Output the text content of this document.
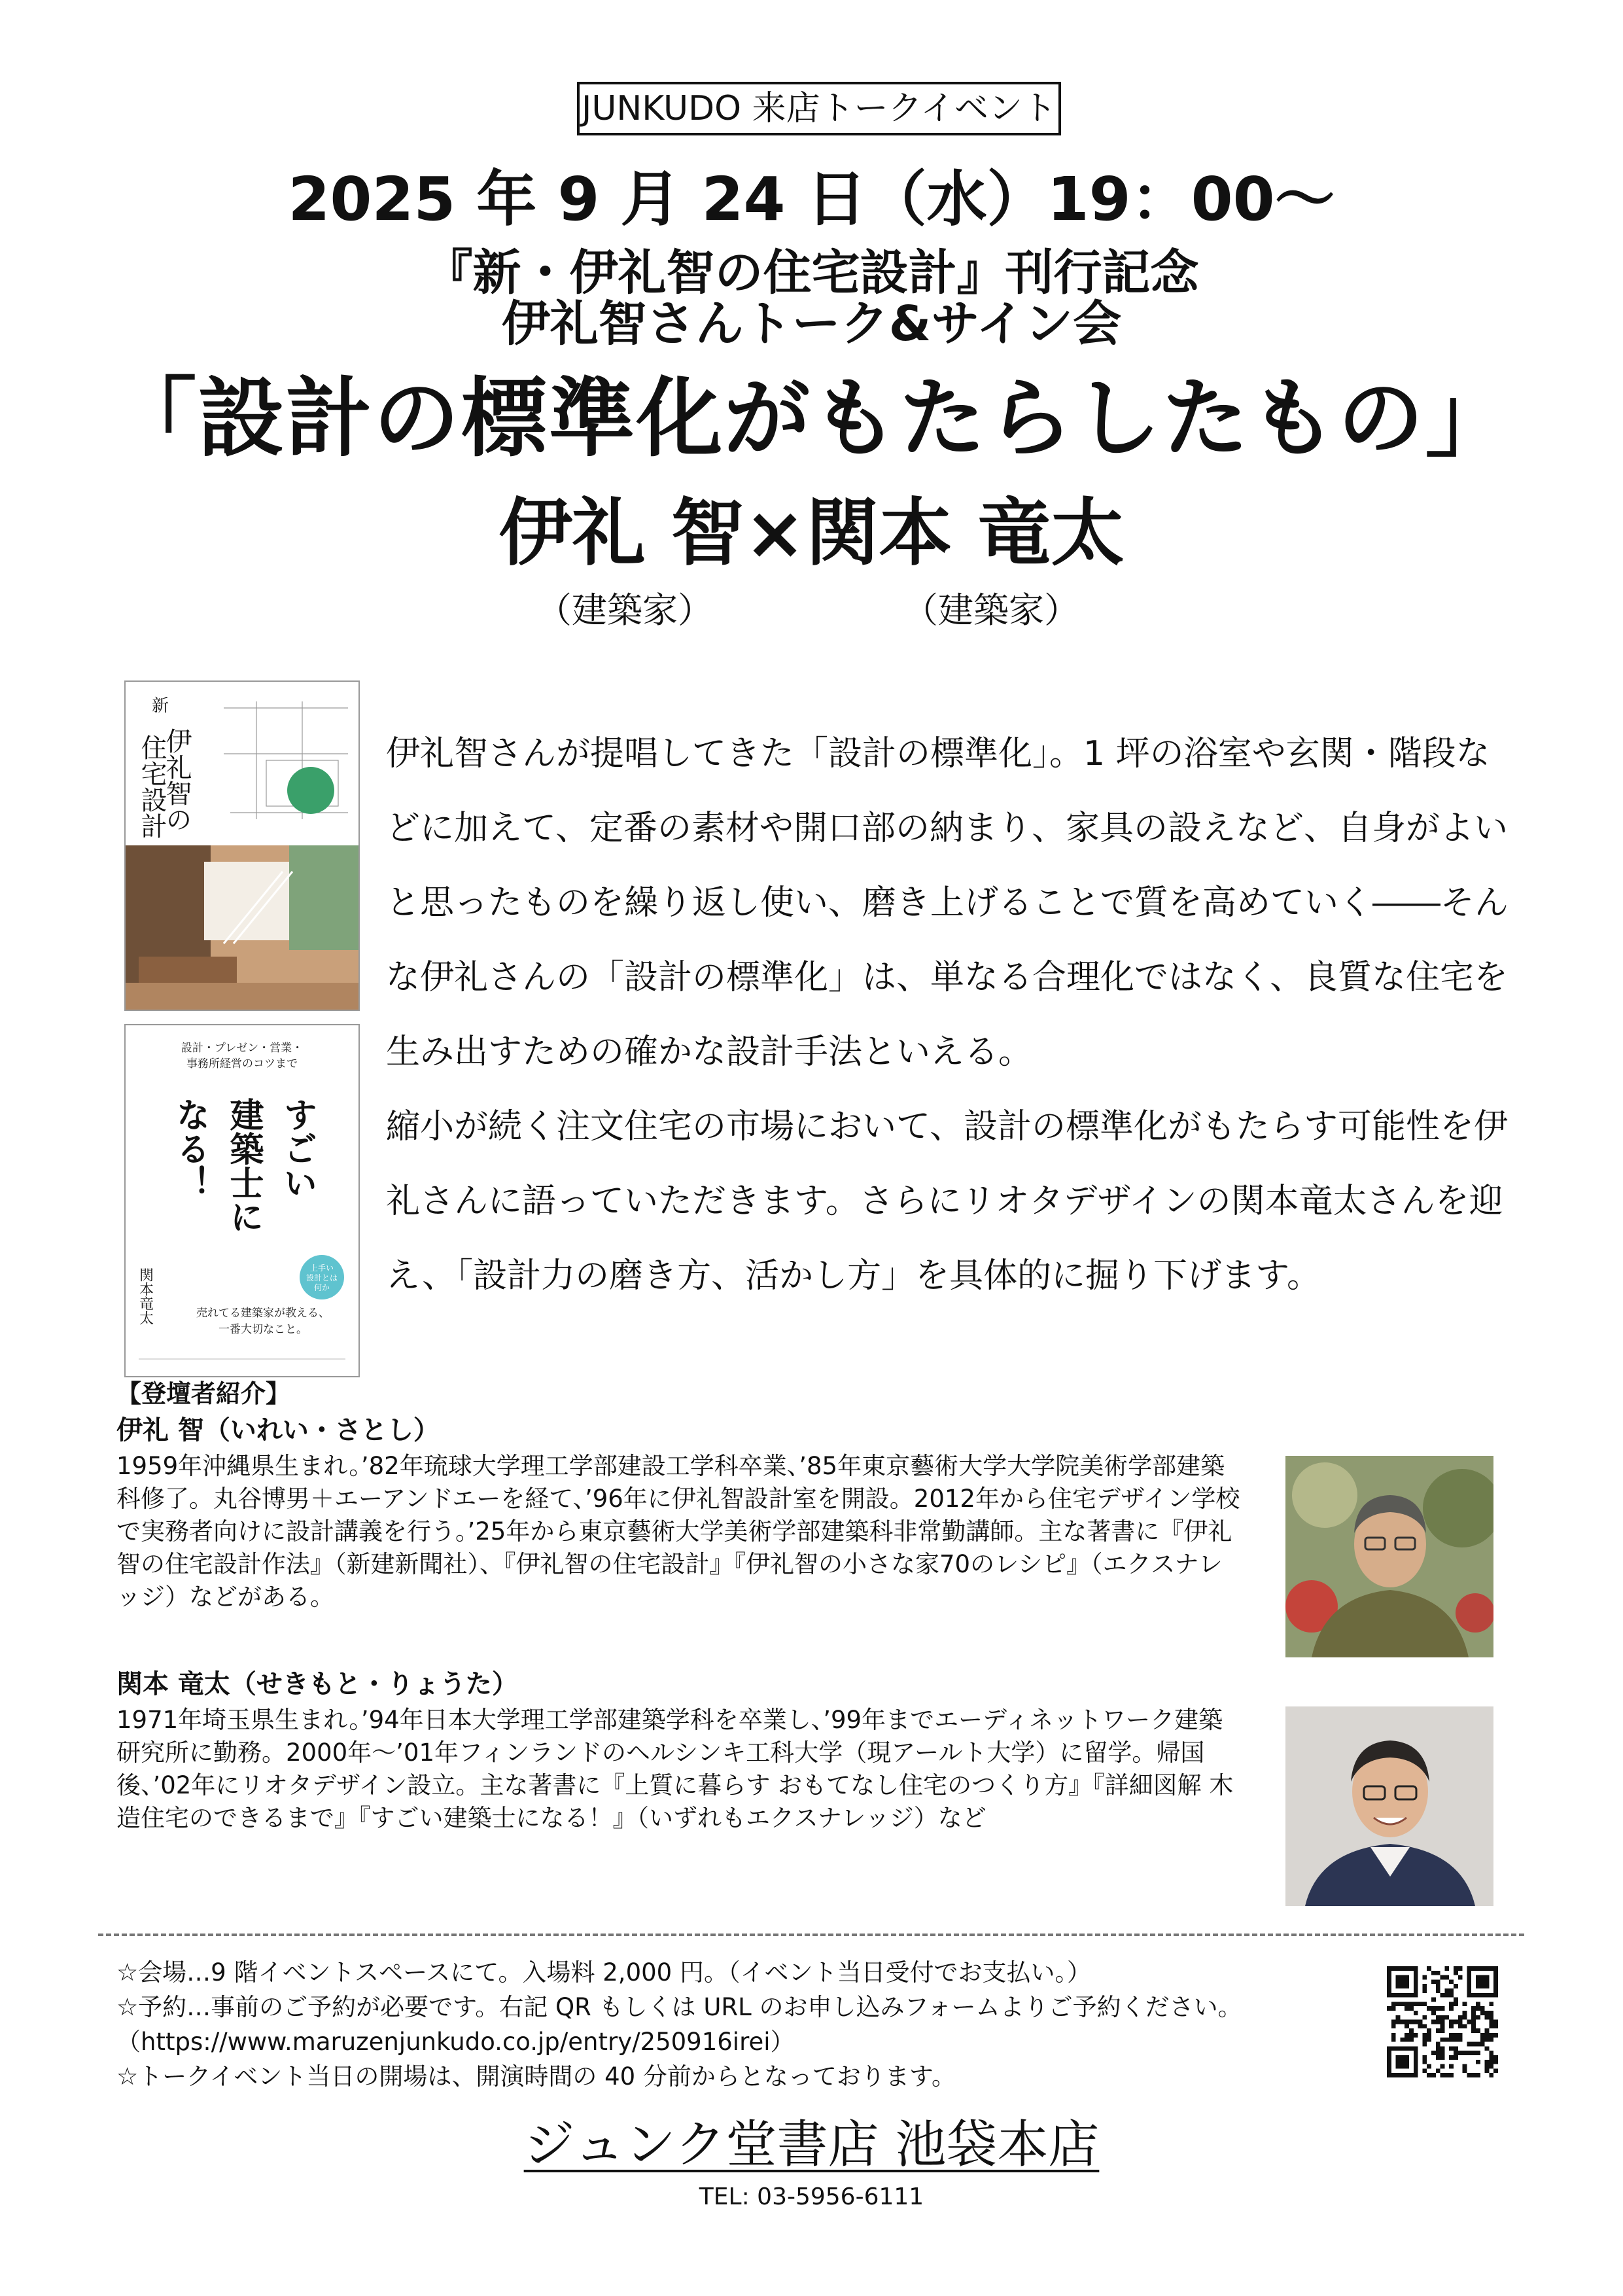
JUNKUDO 来店トークイベント
2025 年 9 月 24 日（水）19：00～
『新・伊礼智の住宅設計』刊行記念
伊礼智さんトーク&サイン会
「設計の標準化がもたらしたもの」
伊礼 智×関本 竜太
（建築家）	（建築家）
新
伊礼智の
住宅設計
設計・プレゼン・営業・
事務所経営のコツまで
すごい
建築士に
なる！
関本竜太	上手い
設計とは
何か
売れてる建築家が教える、
一番大切なこと。

伊礼智さんが提唱してきた「設計の標準化」。1 坪の浴室や玄関・階段などに加えて、定番の素材や開口部の納まり、家具の設えなど、自身がよいと思ったものを繰り返し使い、磨き上げることで質を高めていく――そんな伊礼さんの「設計の標準化」は、単なる合理化ではなく、良質な住宅を生み出すための確かな設計手法といえる。

縮小が続く注文住宅の市場において、設計の標準化がもたらす可能性を伊礼さんに語っていただきます。さらにリオタデザインの関本竜太さんを迎え、「設計力の磨き方、活かし方」を具体的に掘り下げます。

【登壇者紹介】
伊礼 智（いれい・さとし）
1959年沖縄県生まれ。’82年琉球大学理工学部建設工学科卒業、’85年東京藝術大学大学院美術学部建築科修了。丸谷博男＋エーアンドエーを経て、’96年に伊礼智設計室を開設。2012年から住宅デザイン学校で実務者向けに設計講義を行う。’25年から東京藝術大学美術学部建築科非常勤講師。主な著書に『伊礼智の住宅設計作法』（新建新聞社）、『伊礼智の住宅設計』『伊礼智の小さな家70のレシピ』（エクスナレッジ）などがある。
関本 竜太（せきもと・りょうた）
1971年埼玉県生まれ。’94年日本大学理工学部建築学科を卒業し、’99年までエーディネットワーク建築研究所に勤務。2000年～’01年フィンランドのヘルシンキ工科大学（現アールト大学）に留学。帰国後、’02年にリオタデザイン設立。主な著書に『上質に暮らす おもてなし住宅のつくり方』『詳細図解 木造住宅のできるまで』『すごい建築士になる！』（いずれもエクスナレッジ）など
☆会場…9 階イベントスペースにて。入場料 2,000 円。（イベント当日受付でお支払い。）
☆予約…事前のご予約が必要です。右記 QR もしくは URL のお申し込みフォームよりご予約ください。
（https://www.maruzenjunkudo.co.jp/entry/250916irei）
☆トークイベント当日の開場は、開演時間の 40 分前からとなっております。
ジュンク堂書店 池袋本店
TEL: 03-5956-6111
